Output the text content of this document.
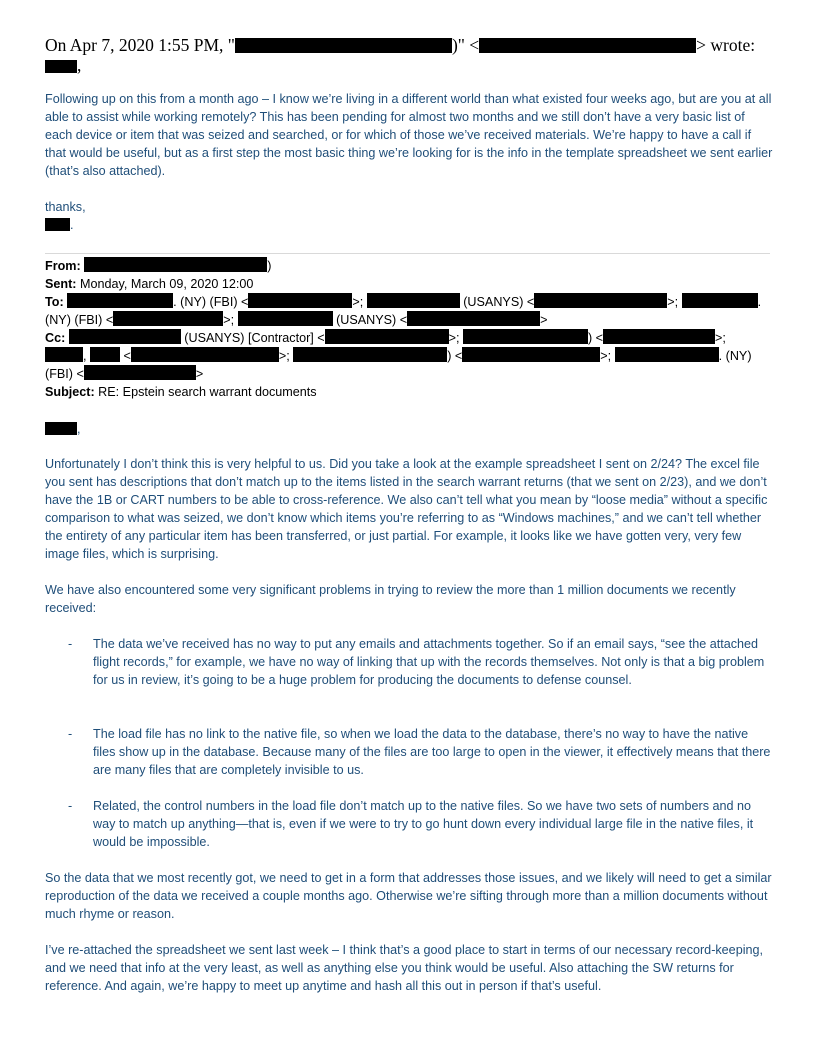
On Apr 7, 2020 1:55 PM, "	)" <	> wrote:
,
Following up on this from a month ago – I know we’re living in a different world than what existed four weeks ago, but are you at all able to assist while working remotely? This has been pending for almost two months and we still don’t have a very basic list of each device or item that was seized and searched, or for which of those we’ve received materials. We’re happy to have a call if that would be useful, but as a first step the most basic thing we’re looking for is the info in the template spreadsheet we sent earlier (that’s also attached).
thanks,
.
From:	)
Sent: Monday, March 09, 2020 12:00
To:	. (NY) (FBI) <	>;	(USANYS) <	>;	.
(NY) (FBI) <	>;	(USANYS) <	>
Cc:	(USANYS) [Contractor] <	>;	) <	>;
,	<	>;	) <	>;	. (NY)
(FBI) <	>
Subject: RE: Epstein search warrant documents
,
Unfortunately I don’t think this is very helpful to us. Did you take a look at the example spreadsheet I sent on 2/24? The excel file you sent has descriptions that don’t match up to the items listed in the search warrant returns (that we sent on 2/23), and we don’t have the 1B or CART numbers to be able to cross-reference. We also can’t tell what you mean by “loose media” without a specific comparison to what was seized, we don’t know which items you’re referring to as “Windows machines,” and we can’t tell whether the entirety of any particular item has been transferred, or just partial. For example, it looks like we have gotten very, very few image files, which is surprising.
We have also encountered some very significant problems in trying to review the more than 1 million documents we recently received:
- The data we’ve received has no way to put any emails and attachments together. So if an email says, “see the attached flight records,” for example, we have no way of linking that up with the records themselves. Not only is that a big problem for us in review, it’s going to be a huge problem for producing the documents to defense counsel.
- The load file has no link to the native file, so when we load the data to the database, there’s no way to have the native files show up in the database. Because many of the files are too large to open in the viewer, it effectively means that there are many files that are completely invisible to us.
- Related, the control numbers in the load file don’t match up to the native files. So we have two sets of numbers and no way to match up anything—that is, even if we were to try to go hunt down every individual large file in the native files, it would be impossible.
So the data that we most recently got, we need to get in a form that addresses those issues, and we likely will need to get a similar reproduction of the data we received a couple months ago. Otherwise we’re sifting through more than a million documents without much rhyme or reason.
I’ve re-attached the spreadsheet we sent last week – I think that’s a good place to start in terms of our necessary record-keeping, and we need that info at the very least, as well as anything else you think would be useful. Also attaching the SW returns for reference. And again, we’re happy to meet up anytime and hash all this out in person if that’s useful.
